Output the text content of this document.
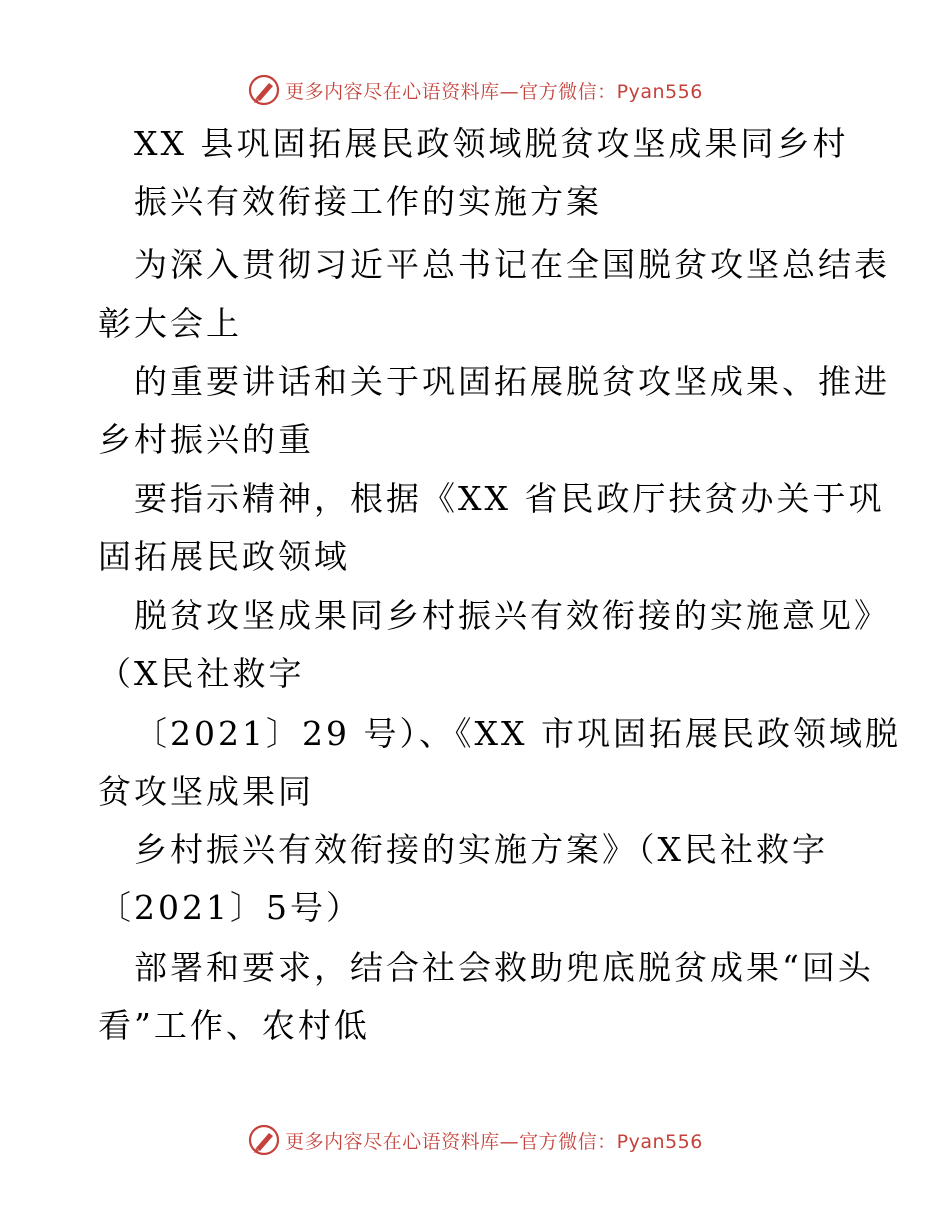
更多内容尽在心语资料库—官方微信：Pyan556
XX 县巩固拓展民政领域脱贫攻坚成果同乡村
振兴有效衔接工作的实施方案
为深入贯彻习近平总书记在全国脱贫攻坚总结表
彰大会上
的重要讲话和关于巩固拓展脱贫攻坚成果、推进
乡村振兴的重
要指示精神，根据《XX 省民政厅扶贫办关于巩
固拓展民政领域
脱贫攻坚成果同乡村振兴有效衔接的实施意见》
（X民社救字
〔2021〕29 号）、《XX 市巩固拓展民政领域脱
贫攻坚成果同
乡村振兴有效衔接的实施方案》（X民社救字
〔2021〕5号）
部署和要求，结合社会救助兜底脱贫成果“回头
看”工作、农村低
更多内容尽在心语资料库—官方微信：Pyan556
